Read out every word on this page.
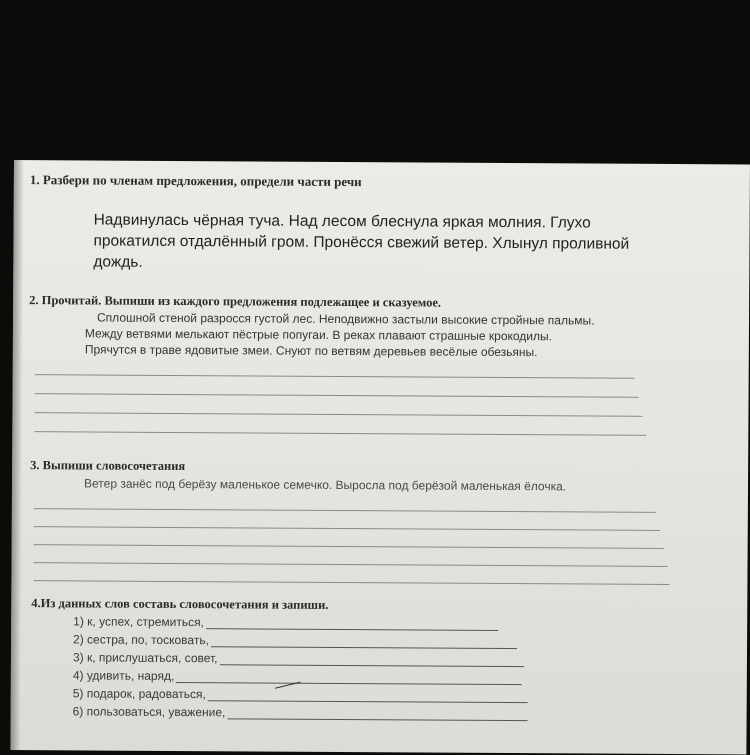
1. Разбери по членам предложения, определи части речи
Надвинулась чёрная туча. Над лесом блеснула яркая молния. Глухо
прокатился отдалённый гром. Пронёсся свежий ветер. Хлынул проливной
дождь.
2. Прочитай. Выпиши из каждого предложения подлежащее и сказуемое.
Сплошной стеной разросся густой лес. Неподвижно застыли высокие стройные пальмы.
Между ветвями мелькают пёстрые попугаи. В реках плавают страшные крокодилы.
Прячутся в траве ядовитые змеи. Снуют по ветвям деревьев весёлые обезьяны.
3. Выпиши словосочетания
Ветер занёс под берёзу маленькое семечко. Выросла под берёзой маленькая ёлочка.
4.Из данных слов составь словосочетания и запиши.
1) к, успех, стремиться,
2) сестра, по, тосковать,
3) к, прислушаться, совет,
4) удивить, наряд,
5) подарок, радоваться,
6) пользоваться, уважение,
